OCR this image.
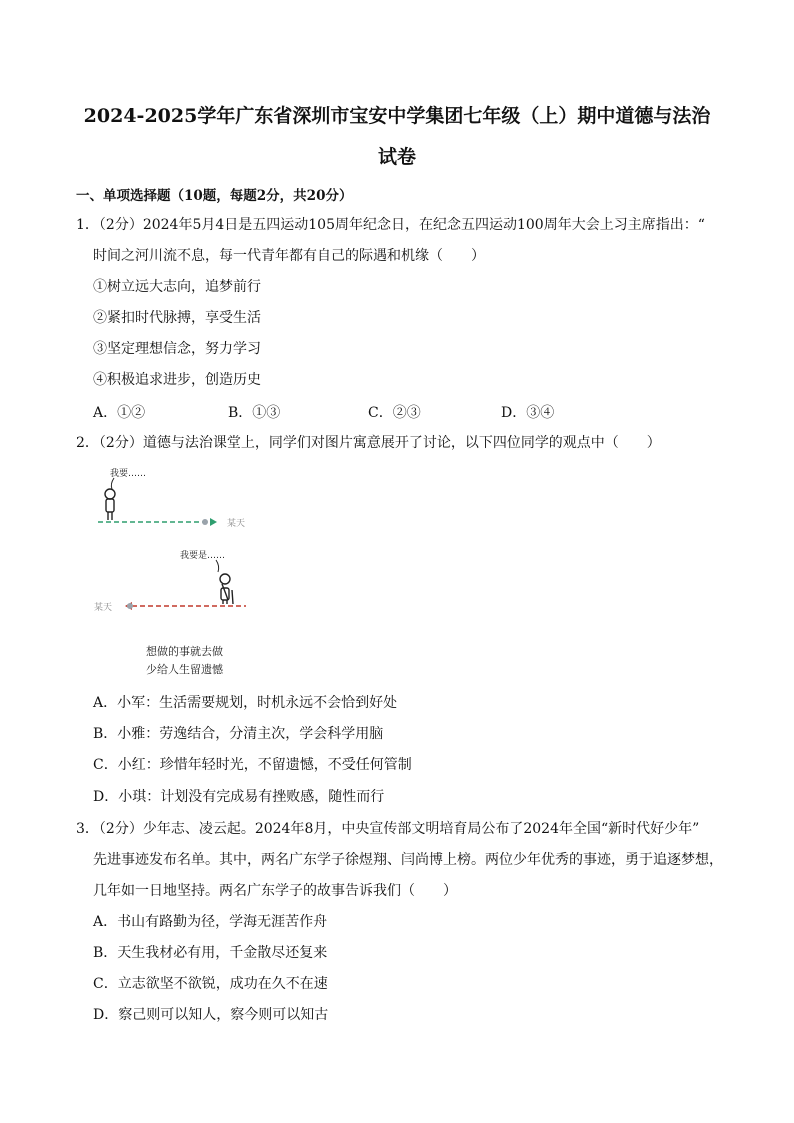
2024-2025学年广东省深圳市宝安中学集团七年级（上）期中道德与法治
试卷
一、单项选择题（10题，每题2分，共20分）
1．（2分）2024年5月4日是五四运动105周年纪念日，在纪念五四运动100周年大会上习主席指出：“
时间之河川流不息，每一代青年都有自己的际遇和机缘（　　）
①树立远大志向，追梦前行
②紧扣时代脉搏，享受生活
③坚定理想信念，努力学习
④积极追求进步，创造历史
A．①②	B．①③	C．②③	D．③④
2．（2分）道德与法治课堂上，同学们对图片寓意展开了讨论，以下四位同学的观点中（　　）
我要……
某天
我要是……
某天
想做的事就去做
少给人生留遗憾
A．小军：生活需要规划，时机永远不会恰到好处
B．小雅：劳逸结合，分清主次，学会科学用脑
C．小红：珍惜年轻时光，不留遗憾，不受任何管制
D．小琪：计划没有完成易有挫败感，随性而行
3．（2分）少年志、凌云起。2024年8月，中央宣传部文明培育局公布了2024年全国“新时代好少年”
先进事迹发布名单。其中，两名广东学子徐煜翔、闫尚博上榜。两位少年优秀的事迹，勇于追逐梦想，
几年如一日地坚持。两名广东学子的故事告诉我们（　　）
A．书山有路勤为径，学海无涯苦作舟
B．天生我材必有用，千金散尽还复来
C．立志欲坚不欲锐，成功在久不在速
D．察己则可以知人，察今则可以知古
